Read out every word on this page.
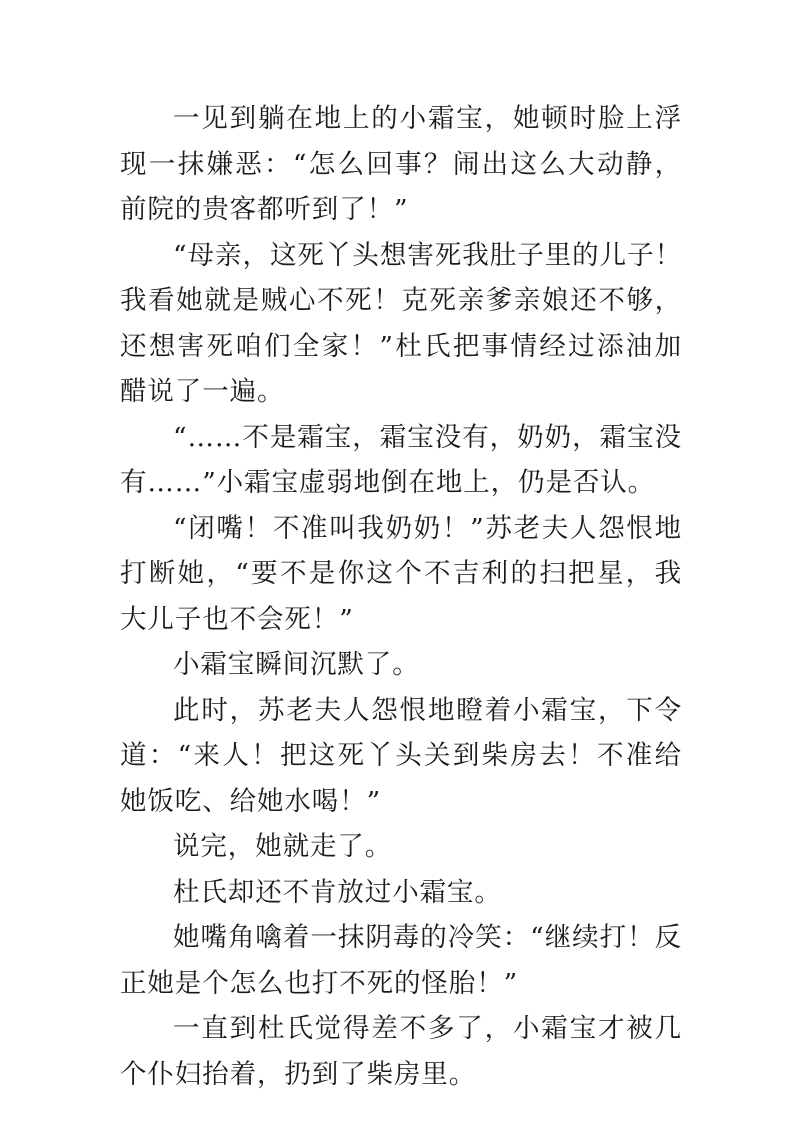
一见到躺在地上的小霜宝，她顿时脸上浮现一抹嫌恶：“怎么回事？闹出这么大动静，前院的贵客都听到了！”

“母亲，这死丫头想害死我肚子里的儿子！我看她就是贼心不死！克死亲爹亲娘还不够，还想害死咱们全家！”杜氏把事情经过添油加醋说了一遍。

“……不是霜宝，霜宝没有，奶奶，霜宝没有……”小霜宝虚弱地倒在地上，仍是否认。

“闭嘴！不准叫我奶奶！”苏老夫人怨恨地打断她，“要不是你这个不吉利的扫把星，我大儿子也不会死！”

小霜宝瞬间沉默了。

此时，苏老夫人怨恨地瞪着小霜宝，下令道：“来人！把这死丫头关到柴房去！不准给她饭吃、给她水喝！”

说完，她就走了。

杜氏却还不肯放过小霜宝。

她嘴角噙着一抹阴毒的冷笑：“继续打！反正她是个怎么也打不死的怪胎！”

一直到杜氏觉得差不多了，小霜宝才被几个仆妇抬着，扔到了柴房里。
